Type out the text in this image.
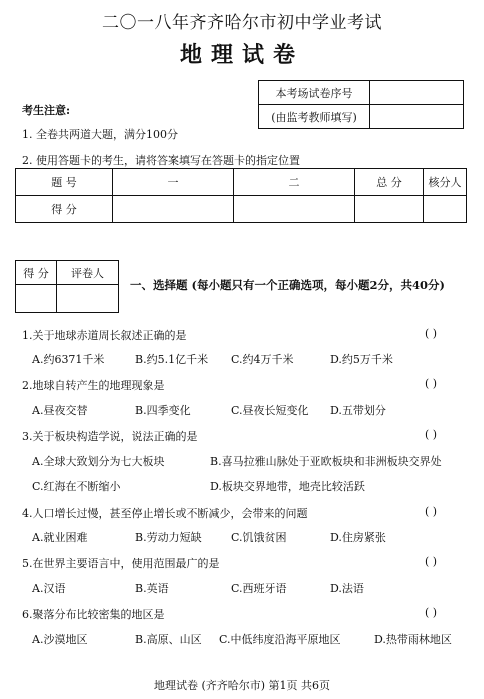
二〇一八年齐齐哈尔市初中学业考试
地理试卷
本考场试卷序号	
(由监考教师填写)	
考生注意:
1. 全卷共两道大题，满分100分
2. 使用答题卡的考生，请将答案填写在答题卡的指定位置
题 号	一	二	总 分	核分人
得 分				
得 分	评卷人

一、选择题 (每小题只有一个正确选项，每小题2分，共40分)
1.关于地球赤道周长叙述正确的是	( )
A.约6371千米	B.约5.1亿千米 C.约4万千米	D.约5万千米
2.地球自转产生的地理现象是	( )
A.昼夜交替	B.四季变化	C.昼夜长短变化 D.五带划分
3.关于板块构造学说，说法正确的是	( )
A.全球大致划分为七大板块	B.喜马拉雅山脉处于亚欧板块和非洲板块交界处
C.红海在不断缩小	D.板块交界地带，地壳比较活跃
4.人口增长过慢，甚至停止增长或不断减少，会带来的问题	( )
A.就业困难	B.劳动力短缺	C.饥饿贫困	D.住房紧张
5.在世界主要语言中，使用范围最广的是	( )
A.汉语	B.英语	C.西班牙语	D.法语
6.聚落分布比较密集的地区是	( )
A.沙漠地区	B.高原、山区 C.中低纬度沿海平原地区	D.热带雨林地区
地理试卷 (齐齐哈尔市) 第1页 共6页
